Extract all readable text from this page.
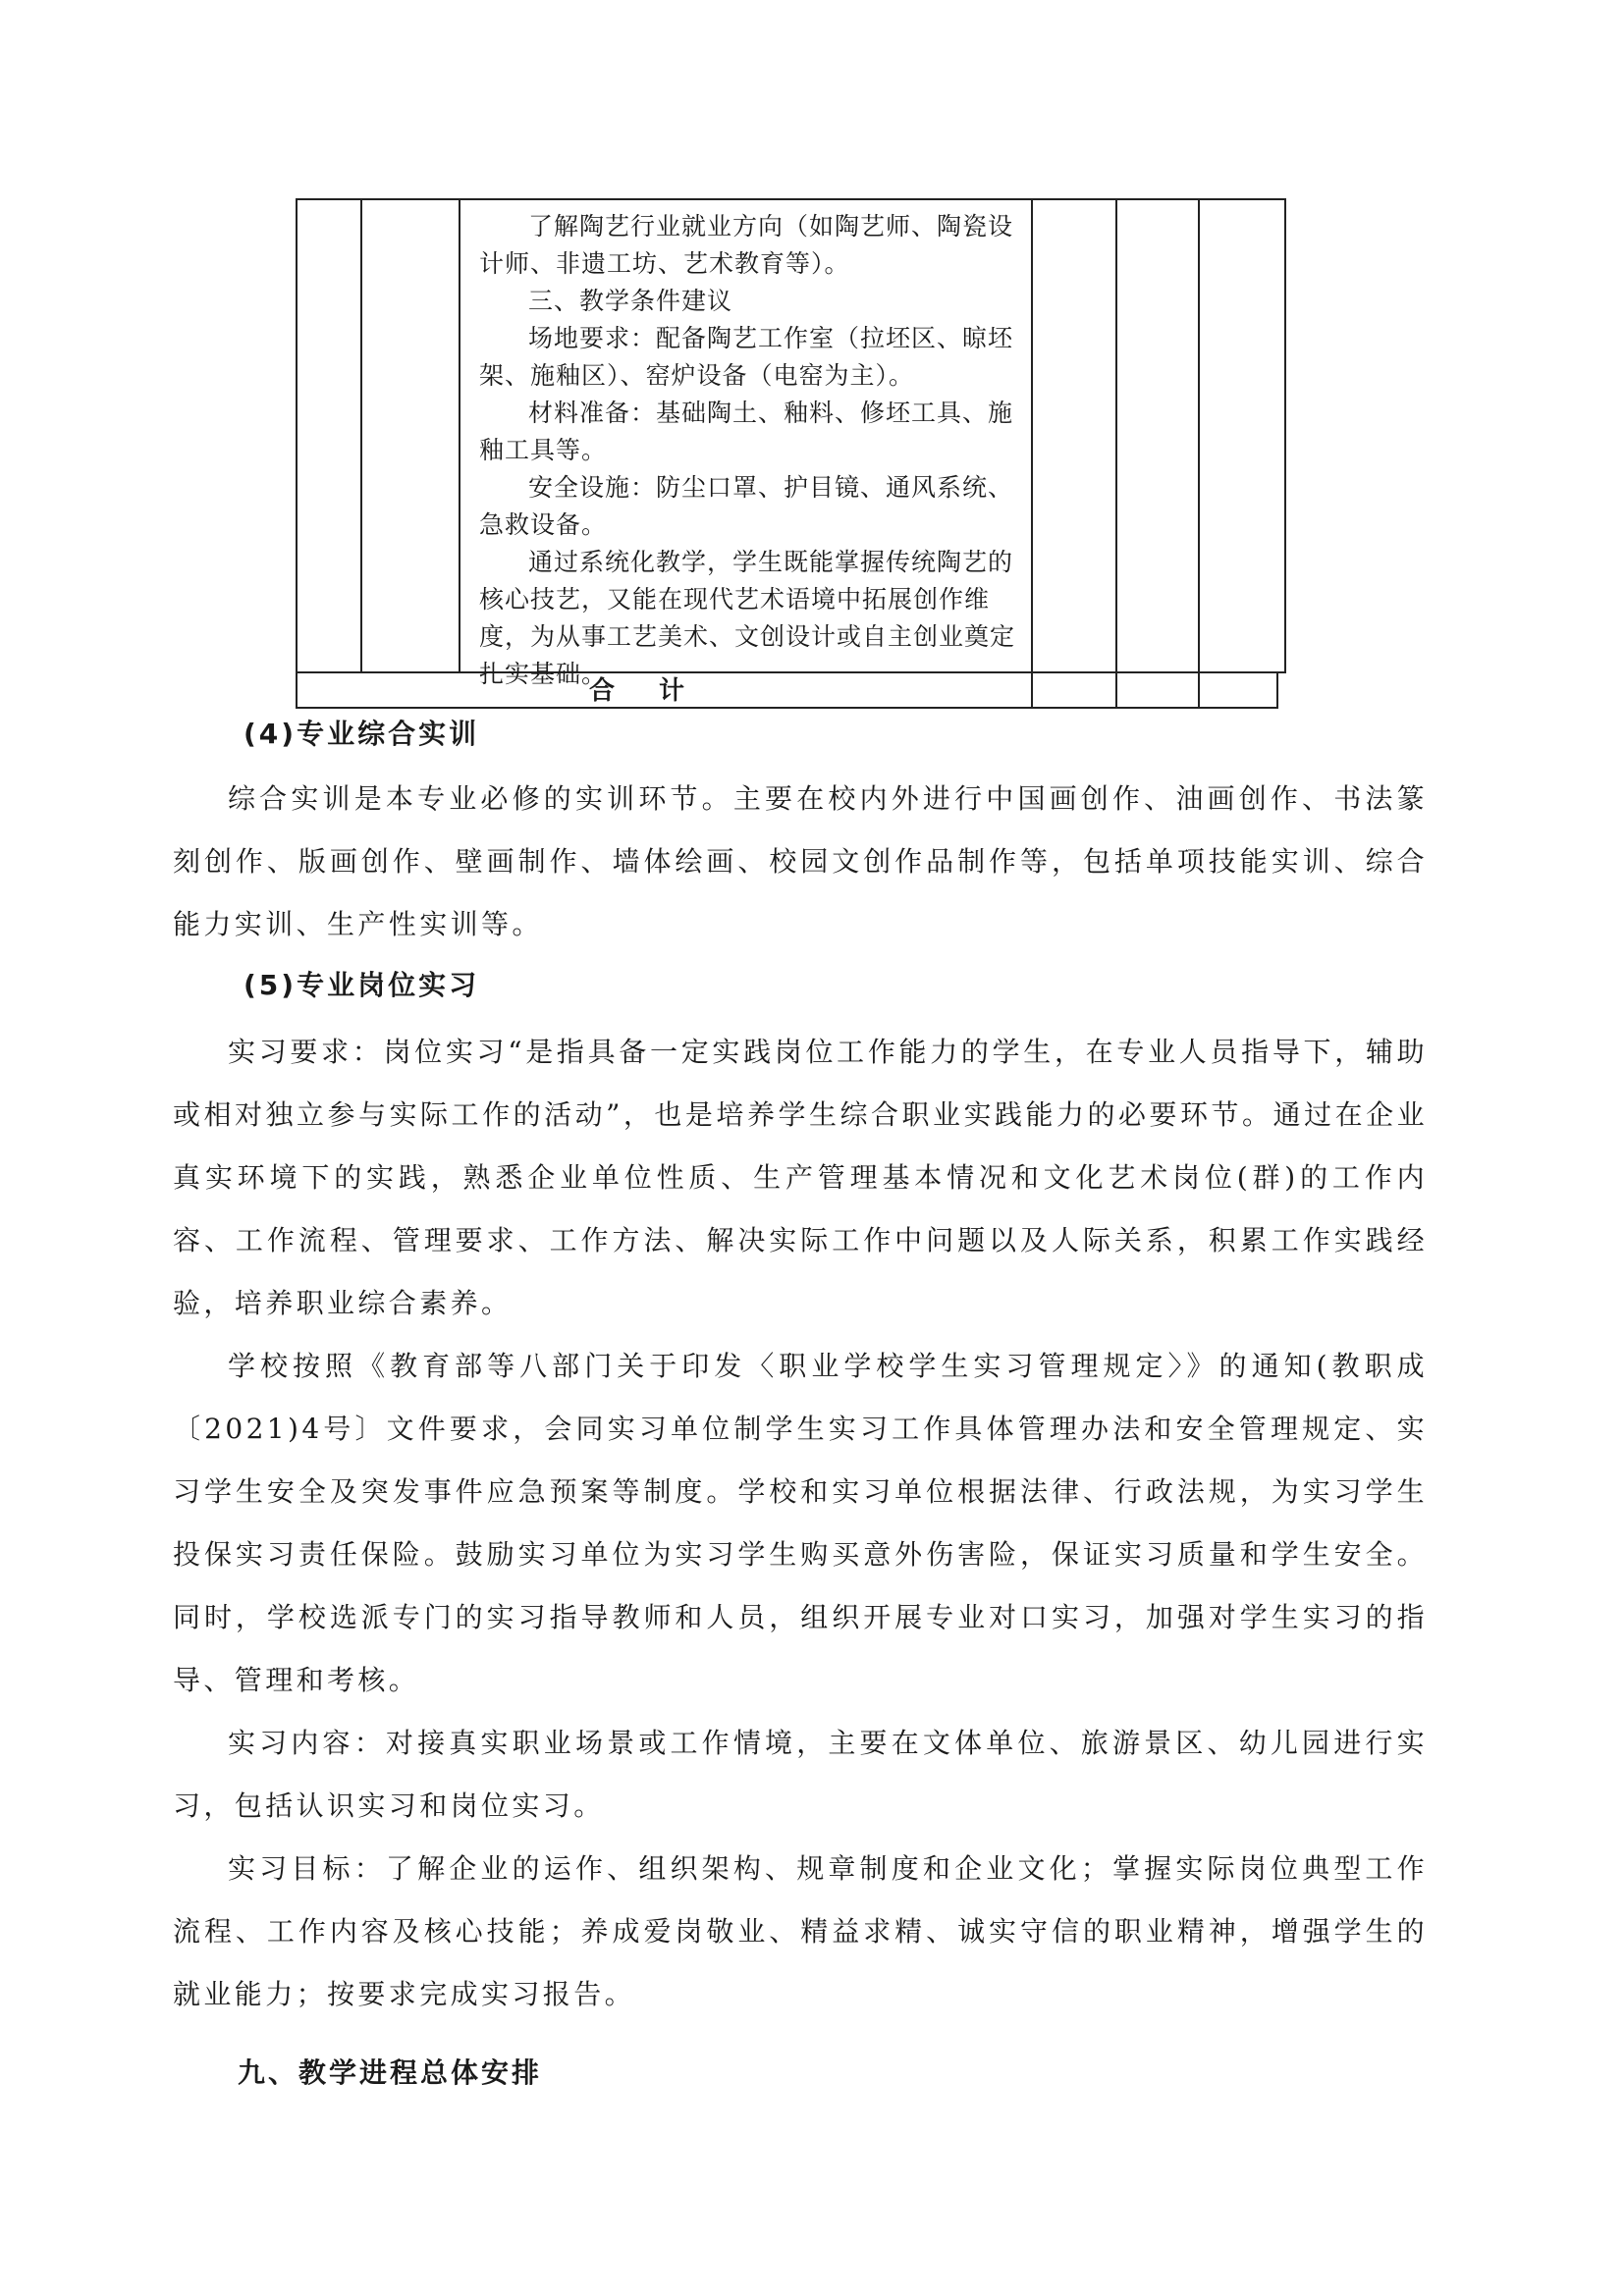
了解陶艺行业就业方向（如陶艺师、陶瓷设计师、非遗工坊、艺术教育等）。

三、教学条件建议

场地要求：配备陶艺工作室（拉坯区、晾坯架、施釉区）、窑炉设备（电窑为主）。

材料准备：基础陶土、釉料、修坯工具、施釉工具等。

安全设施：防尘口罩、护目镜、通风系统、急救设备。

通过系统化教学，学生既能掌握传统陶艺的核心技艺，又能在现代艺术语境中拓展创作维度，为从事工艺美术、文创设计或自主创业奠定扎实基础。

合 计
(4)专业综合实训

综合实训是本专业必修的实训环节。主要在校内外进行中国画创作、油画创作、书法篆刻创作、版画创作、壁画制作、墙体绘画、校园文创作品制作等，包括单项技能实训、综合能力实训、生产性实训等。

(5)专业岗位实习

实习要求：岗位实习“是指具备一定实践岗位工作能力的学生，在专业人员指导下，辅助或相对独立参与实际工作的活动”，也是培养学生综合职业实践能力的必要环节。通过在企业真实环境下的实践，熟悉企业单位性质、生产管理基本情况和文化艺术岗位(群)的工作内容、工作流程、管理要求、工作方法、解决实际工作中问题以及人际关系，积累工作实践经验，培养职业综合素养。

学校按照《教育部等八部门关于印发〈职业学校学生实习管理规定〉》的通知(教职成〔2021)4号〕文件要求，会同实习单位制学生实习工作具体管理办法和安全管理规定、实习学生安全及突发事件应急预案等制度。学校和实习单位根据法律、行政法规，为实习学生投保实习责任保险。鼓励实习单位为实习学生购买意外伤害险，保证实习质量和学生安全。同时，学校选派专门的实习指导教师和人员，组织开展专业对口实习，加强对学生实习的指导、管理和考核。

实习内容：对接真实职业场景或工作情境，主要在文体单位、旅游景区、幼儿园进行实习，包括认识实习和岗位实习。

实习目标：了解企业的运作、组织架构、规章制度和企业文化；掌握实际岗位典型工作流程、工作内容及核心技能；养成爱岗敬业、精益求精、诚实守信的职业精神，增强学生的就业能力；按要求完成实习报告。

九、教学进程总体安排
